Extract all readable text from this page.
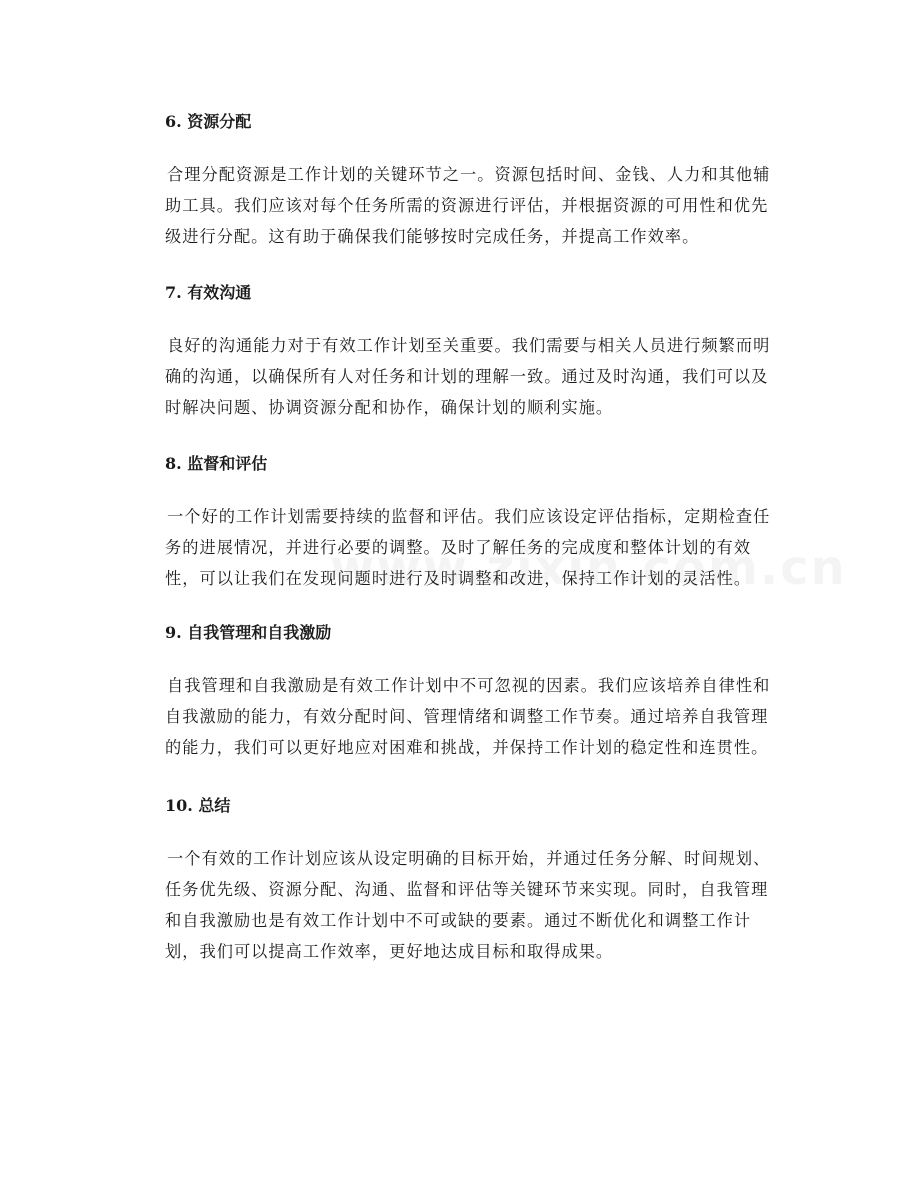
6. 资源分配

合理分配资源是工作计划的关键环节之一。资源包括时间、金钱、人力和其他辅助工具。我们应该对每个任务所需的资源进行评估，并根据资源的可用性和优先级进行分配。这有助于确保我们能够按时完成任务，并提高工作效率。

7. 有效沟通

良好的沟通能力对于有效工作计划至关重要。我们需要与相关人员进行频繁而明确的沟通，以确保所有人对任务和计划的理解一致。通过及时沟通，我们可以及时解决问题、协调资源分配和协作，确保计划的顺利实施。

8. 监督和评估

一个好的工作计划需要持续的监督和评估。我们应该设定评估指标，定期检查任务的进展情况，并进行必要的调整。及时了解任务的完成度和整体计划的有效性，可以让我们在发现问题时进行及时调整和改进，保持工作计划的灵活性。

9. 自我管理和自我激励

自我管理和自我激励是有效工作计划中不可忽视的因素。我们应该培养自律性和自我激励的能力，有效分配时间、管理情绪和调整工作节奏。通过培养自我管理的能力，我们可以更好地应对困难和挑战，并保持工作计划的稳定性和连贯性。

10. 总结

一个有效的工作计划应该从设定明确的目标开始，并通过任务分解、时间规划、任务优先级、资源分配、沟通、监督和评估等关键环节来实现。同时，自我管理和自我激励也是有效工作计划中不可或缺的要素。通过不断优化和调整工作计划，我们可以提高工作效率，更好地达成目标和取得成果。
